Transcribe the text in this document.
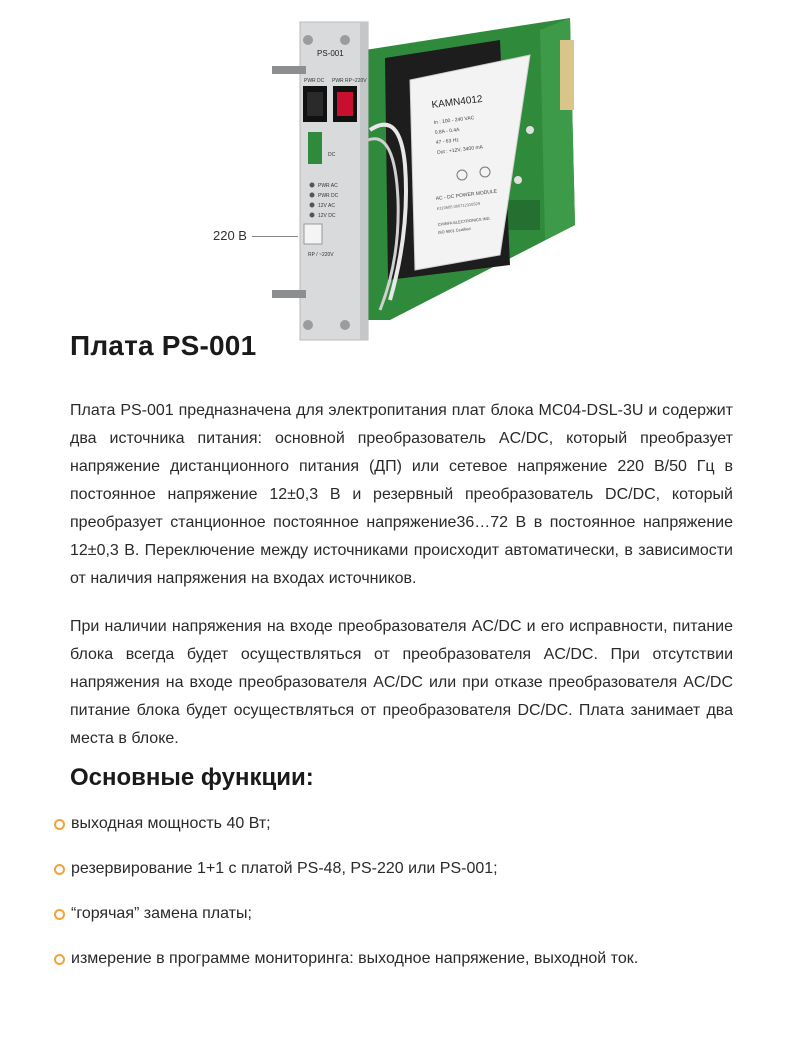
KAMN4012
In : 100 - 240 VAC
0.8A - 0.4A
47 - 63 Hz
Out : +12V, 3400 mA
AC - DC POWER MODULE
K110605 060712316529
CHINFA ELECTRONICS IND.
ISO 9001 Certified
PS-001
PWR DC PWR RP~220V
DC
PWR AC
PWR DC
12V AC
12V DC
RP / ~220V
220 В
Плата PS-001

Плата PS-001 предназначена для электропитания плат блока МС04-DSL-3U и содержит два источника питания: основной преобразователь AC/DC, который преобразует напряжение дистанционного питания (ДП) или сетевое напряжение 220 В/50 Гц в постоянное напряжение 12±0,3 В и резервный преобразователь DC/DC, который преобразует станционное постоянное напряжение36…72 В в постоянное напряжение 12±0,3 В. Переключение между источниками происходит автоматически, в зависимости от наличия напряжения на входах источников.

При наличии напряжения на входе преобразователя AC/DC и его исправности, питание блока всегда будет осуществляться от преобразователя AC/DC. При отсутствии напряжения на входе преобразователя AC/DC или при отказе преобразователя AC/DC питание блока будет осуществляться от преобразователя DC/DC. Плата занимает два места в блоке.

Основные функции:
выходная мощность 40 Вт;
резервирование 1+1 с платой PS-48, PS-220 или PS-001;
“горячая” замена платы;
измерение в программе мониторинга: выходное напряжение, выходной ток.
